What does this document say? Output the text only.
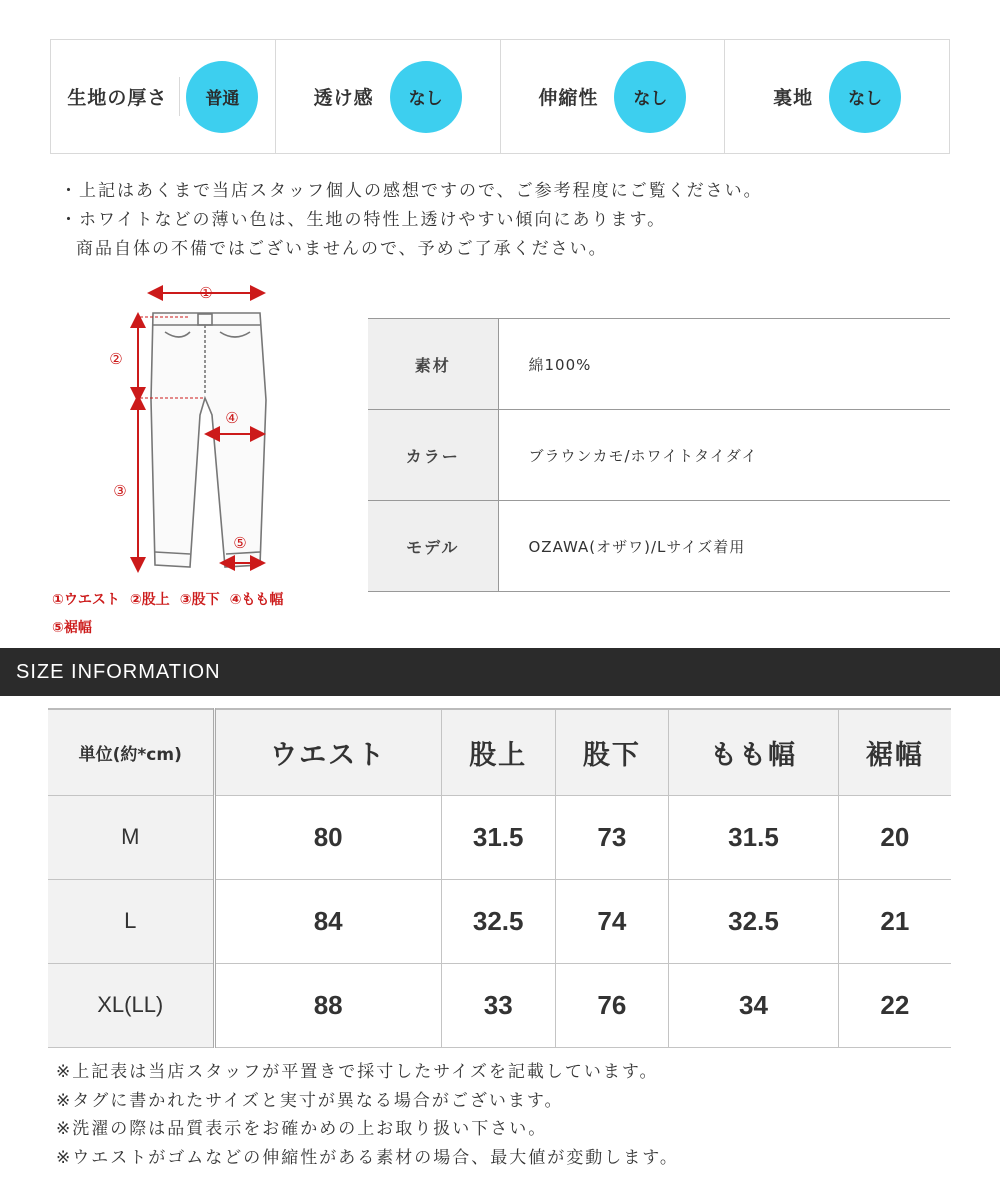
生地の厚さ	普通	透け感	なし	伸縮性	なし	裏地	なし
・上記はあくまで当店スタッフ個人の感想ですので、ご参考程度にご覧ください。
・ホワイトなどの薄い色は、生地の特性上透けやすい傾向にあります。
商品自体の不備ではございませんので、予めご了承ください。
①
②
③
④
⑤
①ウエスト ②股上 ③股下 ④もも幅
⑤裾幅
素材	綿100%
カラー	ブラウンカモ/ホワイトタイダイ
モデル	OZAWA(オザワ)/Lサイズ着用
SIZE INFORMATION
単位(約*cm)	ウエスト	股上	股下	もも幅	裾幅
M	80	31.5	73	31.5	20
L	84	32.5	74	32.5	21
XL(LL)	88	33	76	34	22
※上記表は当店スタッフが平置きで採寸したサイズを記載しています。
※タグに書かれたサイズと実寸が異なる場合がございます。
※洗濯の際は品質表示をお確かめの上お取り扱い下さい。
※ウエストがゴムなどの伸縮性がある素材の場合、最大値が変動します。
